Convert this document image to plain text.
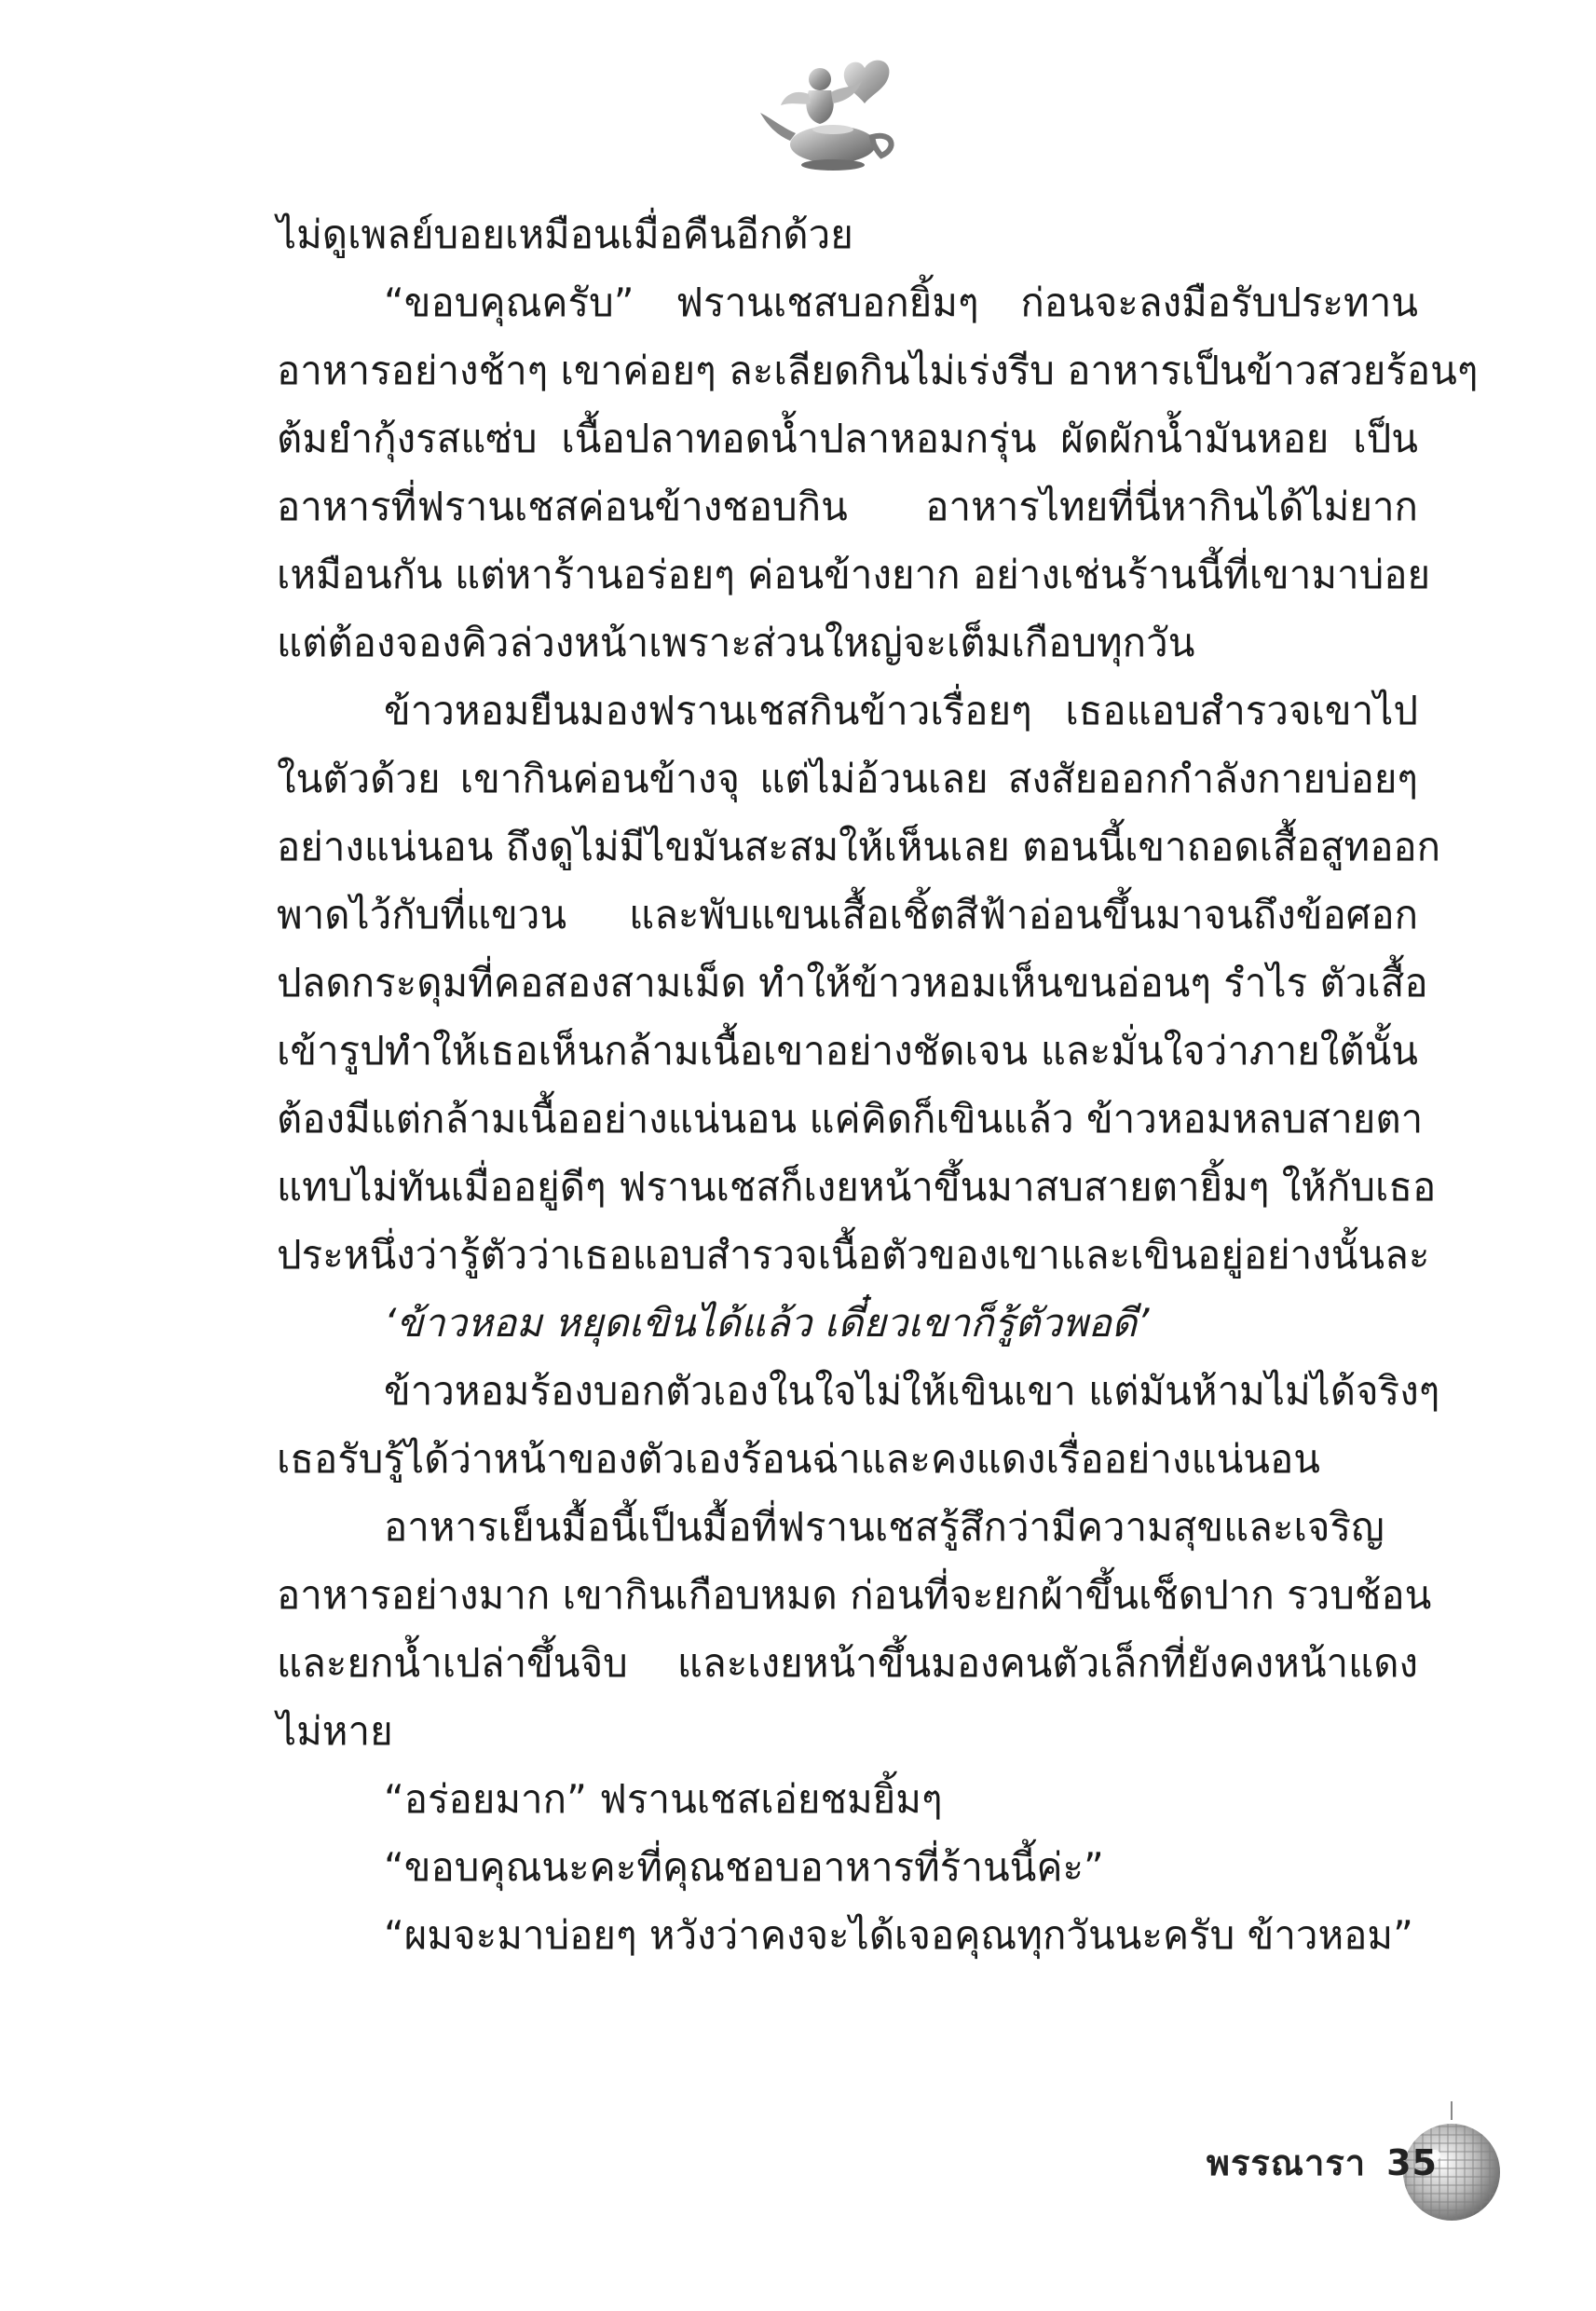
ไม่ดูเพลย์บอยเหมือนเมื่อคืนอีกด้วย
“ขอบคุณครับ” ฟรานเชสบอกยิ้มๆ ก่อนจะลงมือรับประทาน
อาหารอย่างช้าๆ เขาค่อยๆ ละเลียดกินไม่เร่งรีบ อาหารเป็นข้าวสวยร้อนๆ
ต้มยำกุ้งรสแซ่บ เนื้อปลาทอดน้ำปลาหอมกรุ่น ผัดผักน้ำมันหอย เป็น
อาหารที่ฟรานเชสค่อนข้างชอบกิน อาหารไทยที่นี่หากินได้ไม่ยาก
เหมือนกัน แต่หาร้านอร่อยๆ ค่อนข้างยาก อย่างเช่นร้านนี้ที่เขามาบ่อย
แต่ต้องจองคิวล่วงหน้าเพราะส่วนใหญ่จะเต็มเกือบทุกวัน
ข้าวหอมยืนมองฟรานเชสกินข้าวเรื่อยๆ เธอแอบสำรวจเขาไป
ในตัวด้วย เขากินค่อนข้างจุ แต่ไม่อ้วนเลย สงสัยออกกำลังกายบ่อยๆ
อย่างแน่นอน ถึงดูไม่มีไขมันสะสมให้เห็นเลย ตอนนี้เขาถอดเสื้อสูทออก
พาดไว้กับที่แขวน และพับแขนเสื้อเชิ้ตสีฟ้าอ่อนขึ้นมาจนถึงข้อศอก
ปลดกระดุมที่คอสองสามเม็ด ทำให้ข้าวหอมเห็นขนอ่อนๆ รำไร ตัวเสื้อ
เข้ารูปทำให้เธอเห็นกล้ามเนื้อเขาอย่างชัดเจน และมั่นใจว่าภายใต้นั้น
ต้องมีแต่กล้ามเนื้ออย่างแน่นอน แค่คิดก็เขินแล้ว ข้าวหอมหลบสายตา
แทบไม่ทันเมื่ออยู่ดีๆ ฟรานเชสก็เงยหน้าขึ้นมาสบสายตายิ้มๆ ให้กับเธอ
ประหนึ่งว่ารู้ตัวว่าเธอแอบสำรวจเนื้อตัวของเขาและเขินอยู่อย่างนั้นละ
‘ข้าวหอม หยุดเขินได้แล้ว เดี๋ยวเขาก็รู้ตัวพอดี’
ข้าวหอมร้องบอกตัวเองในใจไม่ให้เขินเขา แต่มันห้ามไม่ได้จริงๆ
เธอรับรู้ได้ว่าหน้าของตัวเองร้อนฉ่าและคงแดงเรื่ออย่างแน่นอน
อาหารเย็นมื้อนี้เป็นมื้อที่ฟรานเชสรู้สึกว่ามีความสุขและเจริญ
อาหารอย่างมาก เขากินเกือบหมด ก่อนที่จะยกผ้าขึ้นเช็ดปาก รวบช้อน
และยกน้ำเปล่าขึ้นจิบ และเงยหน้าขึ้นมองคนตัวเล็กที่ยังคงหน้าแดง
ไม่หาย
“อร่อยมาก” ฟรานเชสเอ่ยชมยิ้มๆ
“ขอบคุณนะคะที่คุณชอบอาหารที่ร้านนี้ค่ะ”
“ผมจะมาบ่อยๆ หวังว่าคงจะได้เจอคุณทุกวันนะครับ ข้าวหอม”
พรรณารา 35
